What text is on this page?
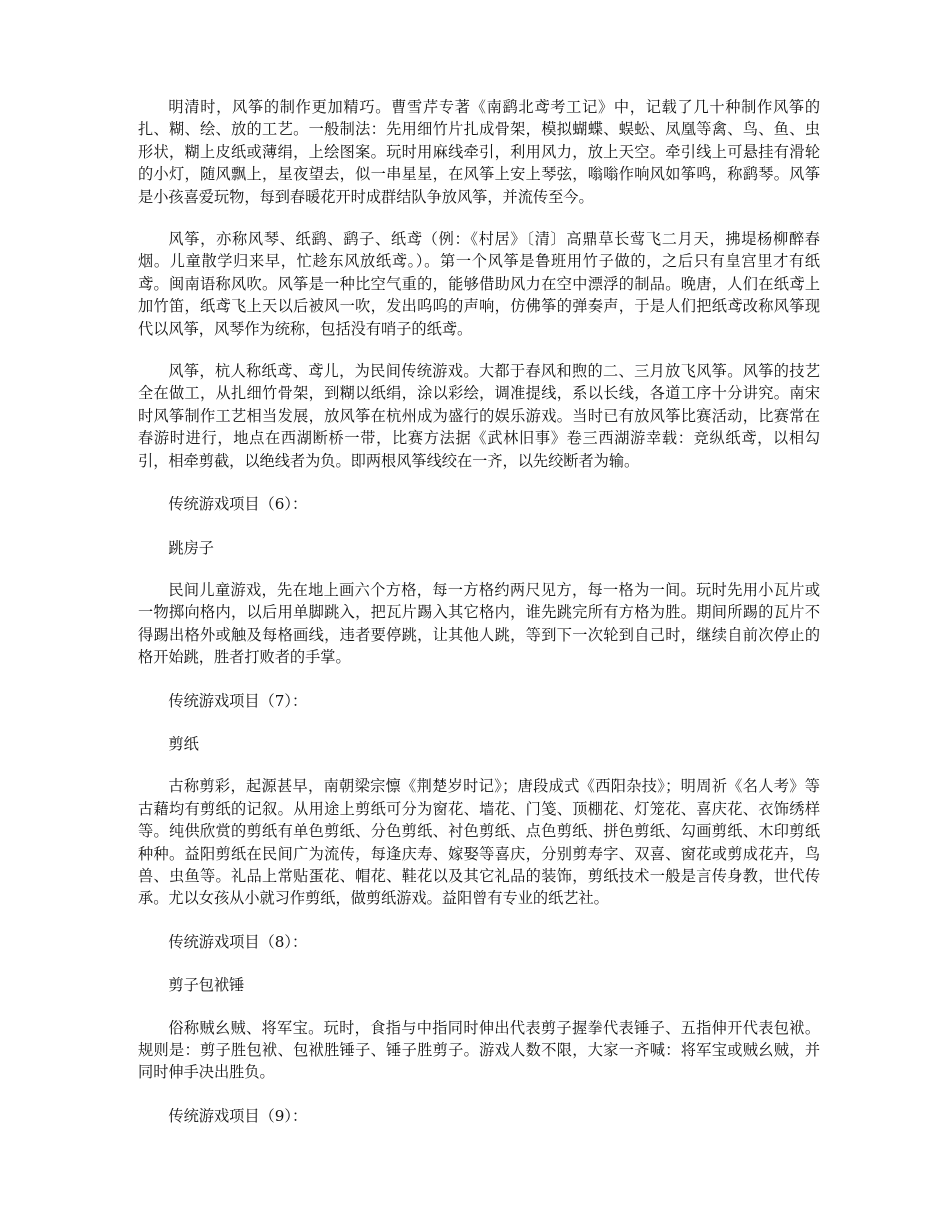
明清时，风筝的制作更加精巧。曹雪芹专著《南鹞北鸢考工记》中，记载了几十种制作风筝的扎、糊、绘、放的工艺。一般制法：先用细竹片扎成骨架，模拟蝴蝶、蜈蚣、凤凰等禽、鸟、鱼、虫形状，糊上皮纸或薄绢，上绘图案。玩时用麻线牵引，利用风力，放上天空。牵引线上可悬挂有滑轮的小灯，随风飘上，星夜望去，似一串星星，在风筝上安上琴弦，嗡嗡作响风如筝鸣，称鹞琴。风筝是小孩喜爱玩物，每到春暖花开时成群结队争放风筝，并流传至今。

风筝，亦称风琴、纸鹞、鹞子、纸鸢（例：《村居》〔清〕高鼎草长莺飞二月天，拂堤杨柳醉春烟。儿童散学归来早，忙趁东风放纸鸢。）。第一个风筝是鲁班用竹子做的，之后只有皇宫里才有纸鸢。闽南语称风吹。风筝是一种比空气重的，能够借助风力在空中漂浮的制品。晚唐，人们在纸鸢上加竹笛，纸鸢飞上天以后被风一吹，发出呜呜的声响，仿佛筝的弹奏声，于是人们把纸鸢改称风筝现代以风筝，风琴作为统称，包括没有哨子的纸鸢。

风筝，杭人称纸鸢、鸢儿，为民间传统游戏。大都于春风和煦的二、三月放飞风筝。风筝的技艺全在做工，从扎细竹骨架，到糊以纸绢，涂以彩绘，调准提线，系以长线，各道工序十分讲究。南宋时风筝制作工艺相当发展，放风筝在杭州成为盛行的娱乐游戏。当时已有放风筝比赛活动，比赛常在春游时进行，地点在西湖断桥一带，比赛方法据《武林旧事》卷三西湖游幸载：竞纵纸鸢，以相勾引，相牵剪截，以绝线者为负。即两根风筝线绞在一齐，以先绞断者为输。

传统游戏项目（6）：

跳房子

民间儿童游戏，先在地上画六个方格，每一方格约两尺见方，每一格为一间。玩时先用小瓦片或一物掷向格内，以后用单脚跳入，把瓦片踢入其它格内，谁先跳完所有方格为胜。期间所踢的瓦片不得踢出格外或触及每格画线，违者要停跳，让其他人跳，等到下一次轮到自己时，继续自前次停止的格开始跳，胜者打败者的手掌。

传统游戏项目（7）：

剪纸

古称剪彩，起源甚早，南朝梁宗懔《荆楚岁时记》；唐段成式《西阳杂技》；明周祈《名人考》等古藉均有剪纸的记叙。从用途上剪纸可分为窗花、墙花、门笺、顶棚花、灯笼花、喜庆花、衣饰绣样等。纯供欣赏的剪纸有单色剪纸、分色剪纸、衬色剪纸、点色剪纸、拼色剪纸、勾画剪纸、木印剪纸种种。益阳剪纸在民间广为流传，每逢庆寿、嫁娶等喜庆，分别剪寿字、双喜、窗花或剪成花卉，鸟兽、虫鱼等。礼品上常贴蛋花、帽花、鞋花以及其它礼品的装饰，剪纸技术一般是言传身教，世代传承。尤以女孩从小就习作剪纸，做剪纸游戏。益阳曾有专业的纸艺社。

传统游戏项目（8）：

剪子包袱锤

俗称贼幺贼、将军宝。玩时，食指与中指同时伸出代表剪子握拳代表锤子、五指伸开代表包袱。规则是：剪子胜包袱、包袱胜锤子、锤子胜剪子。游戏人数不限，大家一齐喊：将军宝或贼幺贼，并同时伸手决出胜负。

传统游戏项目（9）：
